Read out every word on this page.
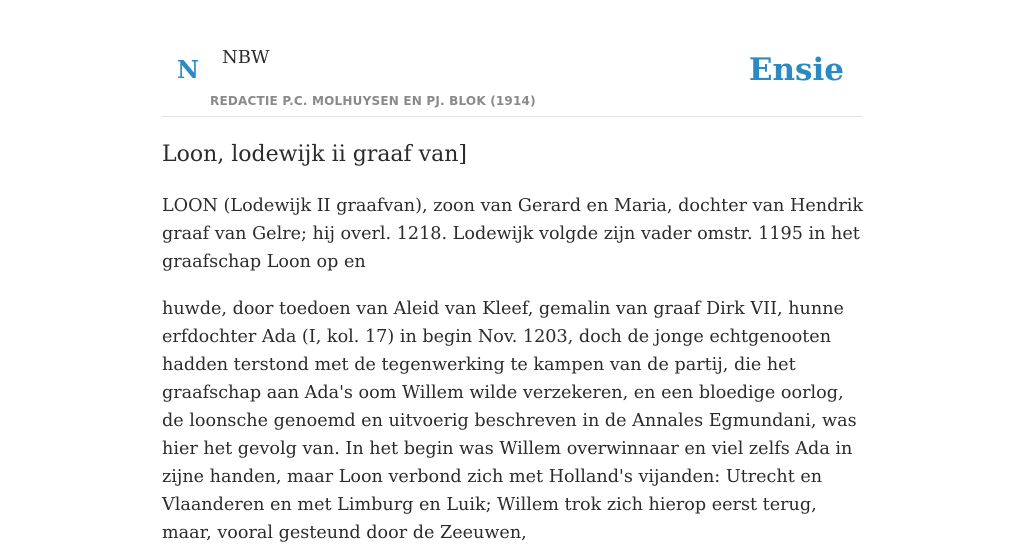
N NBW
REDACTIE P.C. MOLHUYSEN EN PJ. BLOK (1914)
Ensie
Loon, lodewijk ii graaf van]

LOON (Lodewijk II graafvan), zoon van Gerard en Maria, dochter van Hendrik graaf van Gelre; hij overl. 1218. Lodewijk volgde zijn vader omstr. 1195 in het graafschap Loon op en

huwde, door toedoen van Aleid van Kleef, gemalin van graaf Dirk VII, hunne erfdochter Ada (I, kol. 17) in begin Nov. 1203, doch de jonge echtgenooten hadden terstond met de tegenwerking te kampen van de partij, die het graafschap aan Ada's oom Willem wilde verzekeren, en een bloedige oorlog, de loonsche genoemd en uitvoerig beschreven in de Annales Egmundani, was hier het gevolg van. In het begin was Willem overwinnaar en viel zelfs Ada in zijne handen, maar Loon verbond zich met Holland's vijanden: Utrecht en Vlaanderen en met Limburg en Luik; Willem trok zich hierop eerst terug, maar, vooral gesteund door de Zeeuwen,
